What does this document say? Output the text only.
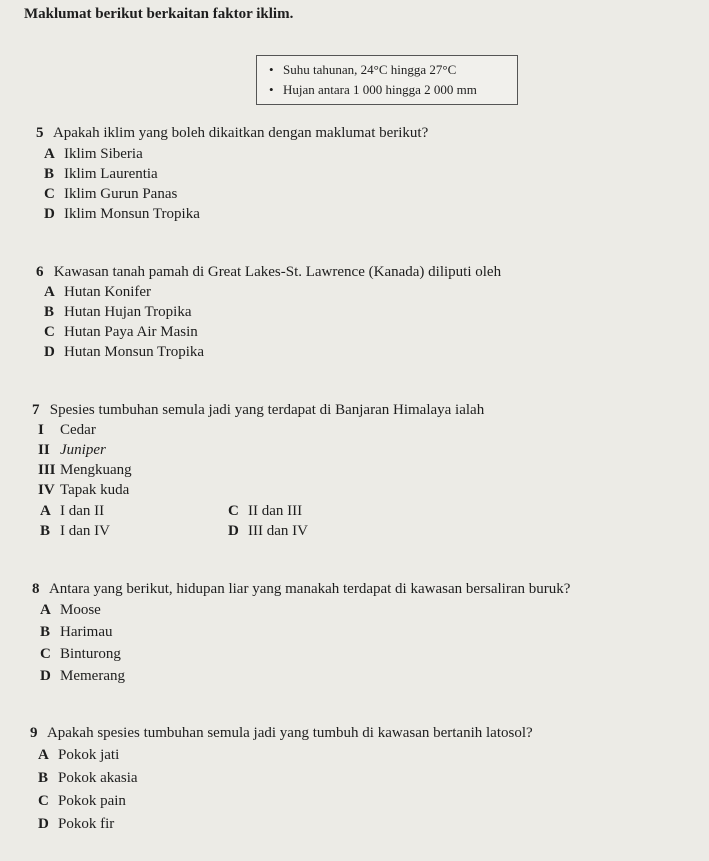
Maklumat berikut berkaitan faktor iklim.
• Suhu tahunan, 24°C hingga 27°C
• Hujan antara 1 000 hingga 2 000 mm
5 Apakah iklim yang boleh dikaitkan dengan maklumat berikut?
A Iklim Siberia
B Iklim Laurentia
C Iklim Gurun Panas
D Iklim Monsun Tropika
6 Kawasan tanah pamah di Great Lakes-St. Lawrence (Kanada) diliputi oleh
A Hutan Konifer
B Hutan Hujan Tropika
C Hutan Paya Air Masin
D Hutan Monsun Tropika
7 Spesies tumbuhan semula jadi yang terdapat di Banjaran Himalaya ialah
I Cedar
II Juniper
III Mengkuang
IV Tapak kuda
A I dan II
B I dan IV
C II dan III
D III dan IV
8 Antara yang berikut, hidupan liar yang manakah terdapat di kawasan bersaliran buruk?
A Moose
B Harimau
C Binturong
D Memerang
9 Apakah spesies tumbuhan semula jadi yang tumbuh di kawasan bertanih latosol?
A Pokok jati
B Pokok akasia
C Pokok pain
D Pokok fir
